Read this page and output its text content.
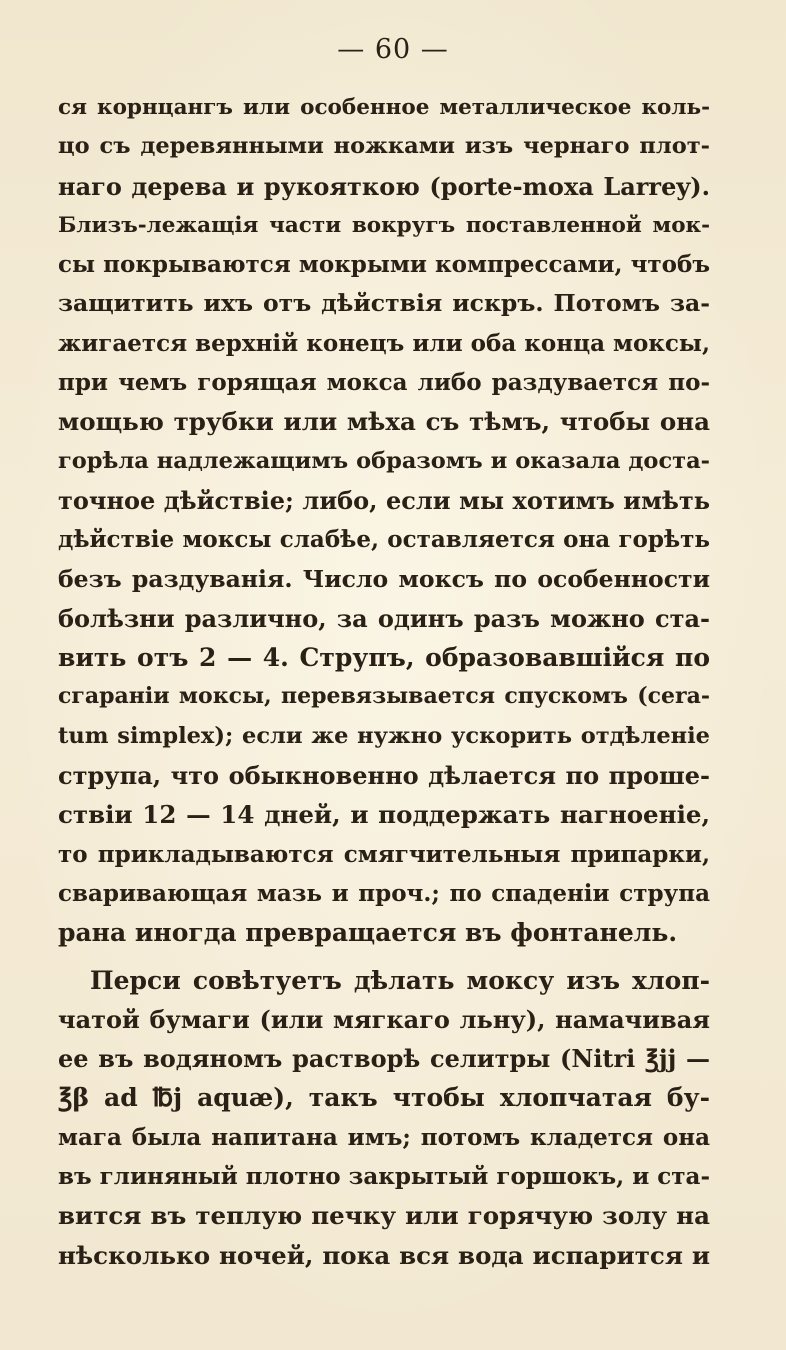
— 60 —
ся корнцангъ или особенное металлическое коль-
цо съ деревянными ножками изъ чернаго плот-
наго дерева и рукояткою (porte-moxa Larrey).
Близъ-лежащія части вокругъ поставленной мок-
сы покрываются мокрыми компрессами, чтобъ
защитить ихъ отъ дѣйствія искръ. Потомъ за-
жигается верхній конецъ или оба конца моксы,
при чемъ горящая мокса либо раздувается по-
мощью трубки или мѣха съ тѣмъ, чтобы она
горѣла надлежащимъ образомъ и оказала доста-
точное дѣйствіе; либо, если мы хотимъ имѣть
дѣйствіе моксы слабѣе, оставляется она горѣть
безъ раздуванія. Число моксъ по особенности
болѣзни различно, за одинъ разъ можно ста-
вить отъ 2 — 4. Струпъ, образовавшійся по
сгараніи моксы, перевязывается спускомъ (cera-
tum simplex); если же нужно ускорить отдѣленіе
струпа, что обыкновенно дѣлается по проше-
ствіи 12 — 14 дней, и поддержать нагноеніе,
то прикладываются смягчительныя припарки,
сваривающая мазь и проч.; по спаденіи струпа
рана иногда превращается въ фонтанель.
Перси совѣтуетъ дѣлать моксу изъ хлоп-
чатой бумаги (или мягкаго льну), намачивая
ее въ водяномъ растворѣ селитры (Nitri ℥jj —
℥β ad ℔j aquæ), такъ чтобы хлопчатая бу-
мага была напитана имъ; потомъ кладется она
въ глиняный плотно закрытый горшокъ, и ста-
вится въ теплую печку или горячую золу на
нѣсколько ночей, пока вся вода испарится и
